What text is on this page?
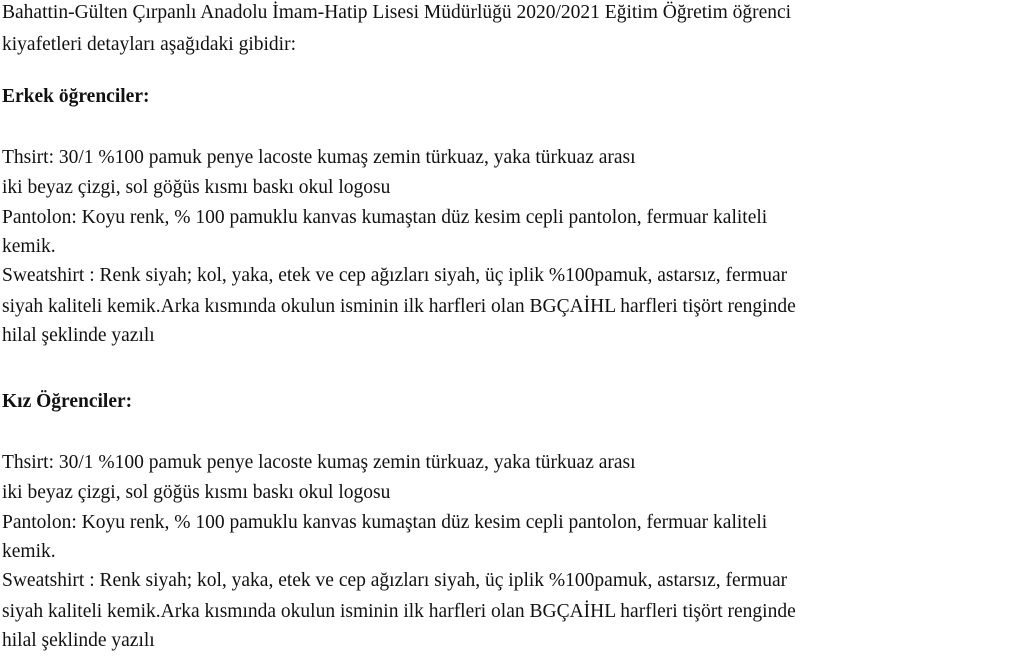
Bahattin-Gülten Çırpanlı Anadolu İmam-Hatip Lisesi Müdürlüğü 2020/2021 Eğitim Öğretim öğrenci
kiyafetleri detayları aşağıdaki gibidir:
Erkek öğrenciler:
Thsirt: 30/1 %100 pamuk penye lacoste kumaş zemin türkuaz, yaka türkuaz arası
iki beyaz çizgi, sol göğüs kısmı baskı okul logosu
Pantolon: Koyu renk, % 100 pamuklu kanvas kumaştan düz kesim cepli pantolon, fermuar kaliteli
kemik.
Sweatshirt : Renk siyah; kol, yaka, etek ve cep ağızları siyah, üç iplik %100pamuk, astarsız, fermuar
siyah kaliteli kemik.Arka kısmında okulun isminin ilk harfleri olan BGÇAİHL harfleri tişört renginde
hilal şeklinde yazılı
Kız Öğrenciler:
Thsirt: 30/1 %100 pamuk penye lacoste kumaş zemin türkuaz, yaka türkuaz arası
iki beyaz çizgi, sol göğüs kısmı baskı okul logosu
Pantolon: Koyu renk, % 100 pamuklu kanvas kumaştan düz kesim cepli pantolon, fermuar kaliteli
kemik.
Sweatshirt : Renk siyah; kol, yaka, etek ve cep ağızları siyah, üç iplik %100pamuk, astarsız, fermuar
siyah kaliteli kemik.Arka kısmında okulun isminin ilk harfleri olan BGÇAİHL harfleri tişört renginde
hilal şeklinde yazılı
